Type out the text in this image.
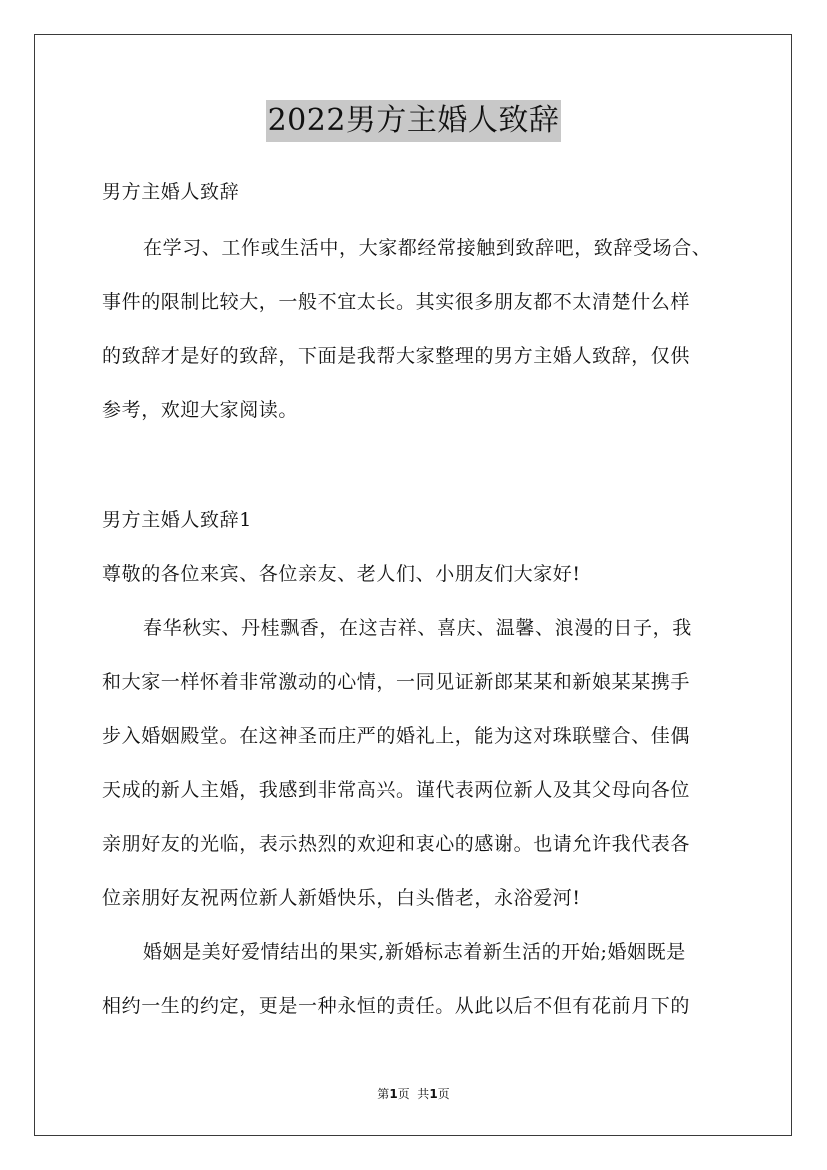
2022男方主婚人致辞
男方主婚人致辞
在学习、工作或生活中，大家都经常接触到致辞吧，致辞受场合、
事件的限制比较大，一般不宜太长。其实很多朋友都不太清楚什么样
的致辞才是好的致辞，下面是我帮大家整理的男方主婚人致辞，仅供
参考，欢迎大家阅读。
男方主婚人致辞1
尊敬的各位来宾、各位亲友、老人们、小朋友们大家好!
春华秋实、丹桂飘香，在这吉祥、喜庆、温馨、浪漫的日子，我
和大家一样怀着非常激动的心情，一同见证新郎某某和新娘某某携手
步入婚姻殿堂。在这神圣而庄严的婚礼上，能为这对珠联璧合、佳偶
天成的新人主婚，我感到非常高兴。谨代表两位新人及其父母向各位
亲朋好友的光临，表示热烈的欢迎和衷心的感谢。也请允许我代表各
位亲朋好友祝两位新人新婚快乐，白头偕老，永浴爱河!
婚姻是美好爱情结出的果实,新婚标志着新生活的开始;婚姻既是
相约一生的约定，更是一种永恒的责任。从此以后不但有花前月下的
第1页  共1页
